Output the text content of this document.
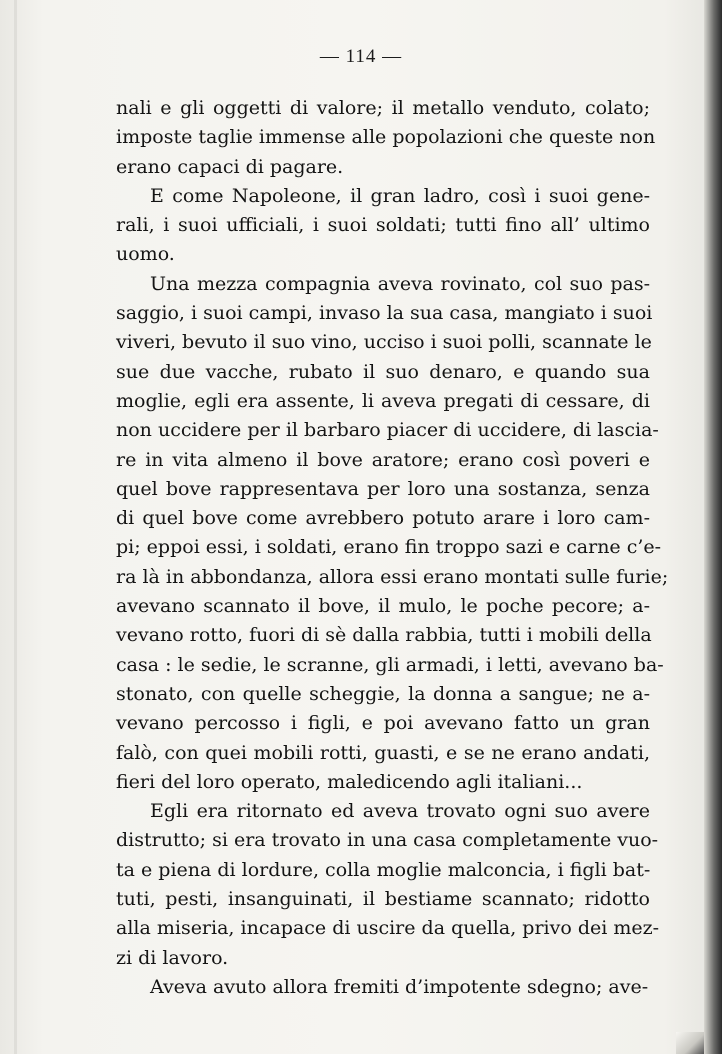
— 114 —
nali e gli oggetti di valore; il metallo venduto, colato;
imposte taglie immense alle popolazioni che queste non
erano capaci di pagare.
E come Napoleone, il gran ladro, così i suoi gene-
rali, i suoi ufficiali, i suoi soldati; tutti fino all’ ultimo
uomo.
Una mezza compagnia aveva rovinato, col suo pas-
saggio, i suoi campi, invaso la sua casa, mangiato i suoi
viveri, bevuto il suo vino, ucciso i suoi polli, scannate le
sue due vacche, rubato il suo denaro, e quando sua
moglie, egli era assente, li aveva pregati di cessare, di
non uccidere per il barbaro piacer di uccidere, di lascia-
re in vita almeno il bove aratore; erano così poveri e
quel bove rappresentava per loro una sostanza, senza
di quel bove come avrebbero potuto arare i loro cam-
pi; eppoi essi, i soldati, erano fin troppo sazi e carne c’e-
ra là in abbondanza, allora essi erano montati sulle furie;
avevano scannato il bove, il mulo, le poche pecore; a-
vevano rotto, fuori di sè dalla rabbia, tutti i mobili della
casa : le sedie, le scranne, gli armadi, i letti, avevano ba-
stonato, con quelle scheggie, la donna a sangue; ne a-
vevano percosso i figli, e poi avevano fatto un gran
falò, con quei mobili rotti, guasti, e se ne erano andati,
fieri del loro operato, maledicendo agli italiani...
Egli era ritornato ed aveva trovato ogni suo avere
distrutto; si era trovato in una casa completamente vuo-
ta e piena di lordure, colla moglie malconcia, i figli bat-
tuti, pesti, insanguinati, il bestiame scannato; ridotto
alla miseria, incapace di uscire da quella, privo dei mez-
zi di lavoro.
Aveva avuto allora fremiti d’impotente sdegno; ave-
